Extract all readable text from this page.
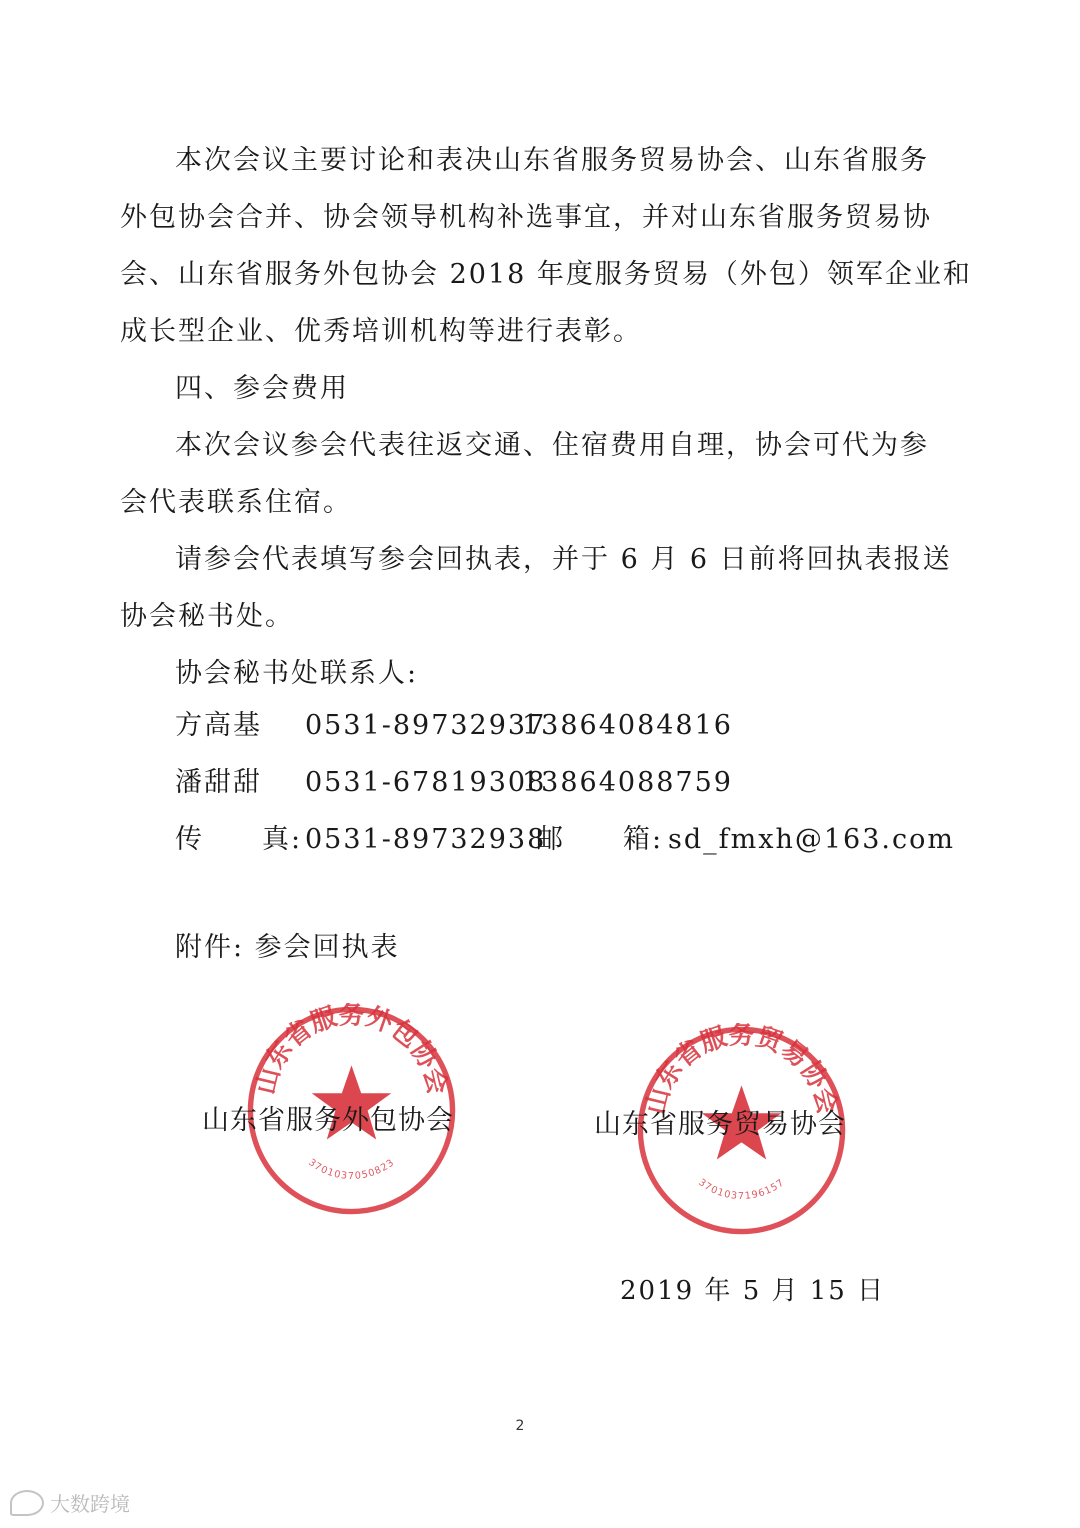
本次会议主要讨论和表决山东省服务贸易协会、山东省服务
外包协会合并、协会领导机构补选事宜，并对山东省服务贸易协
会、山东省服务外包协会 2018 年度服务贸易（外包）领军企业和
成长型企业、优秀培训机构等进行表彰。
四、参会费用
本次会议参会代表往返交通、住宿费用自理，协会可代为参
会代表联系住宿。
请参会代表填写参会回执表，并于 6 月 6 日前将回执表报送
协会秘书处。
协会秘书处联系人:
方高基 0531-89732937
13864084816
潘甜甜 0531-67819308
13864088759
传　　真: 0531-89732938
邮　　箱: sd_fmxh@163.com
附件: 参会回执表
山东省服务外包协会
3701037050823
山东省服务外包协会
山东省服务贸易协会
3701037196157
山东省服务贸易协会
2019 年 5 月 15 日
2
大数跨境
